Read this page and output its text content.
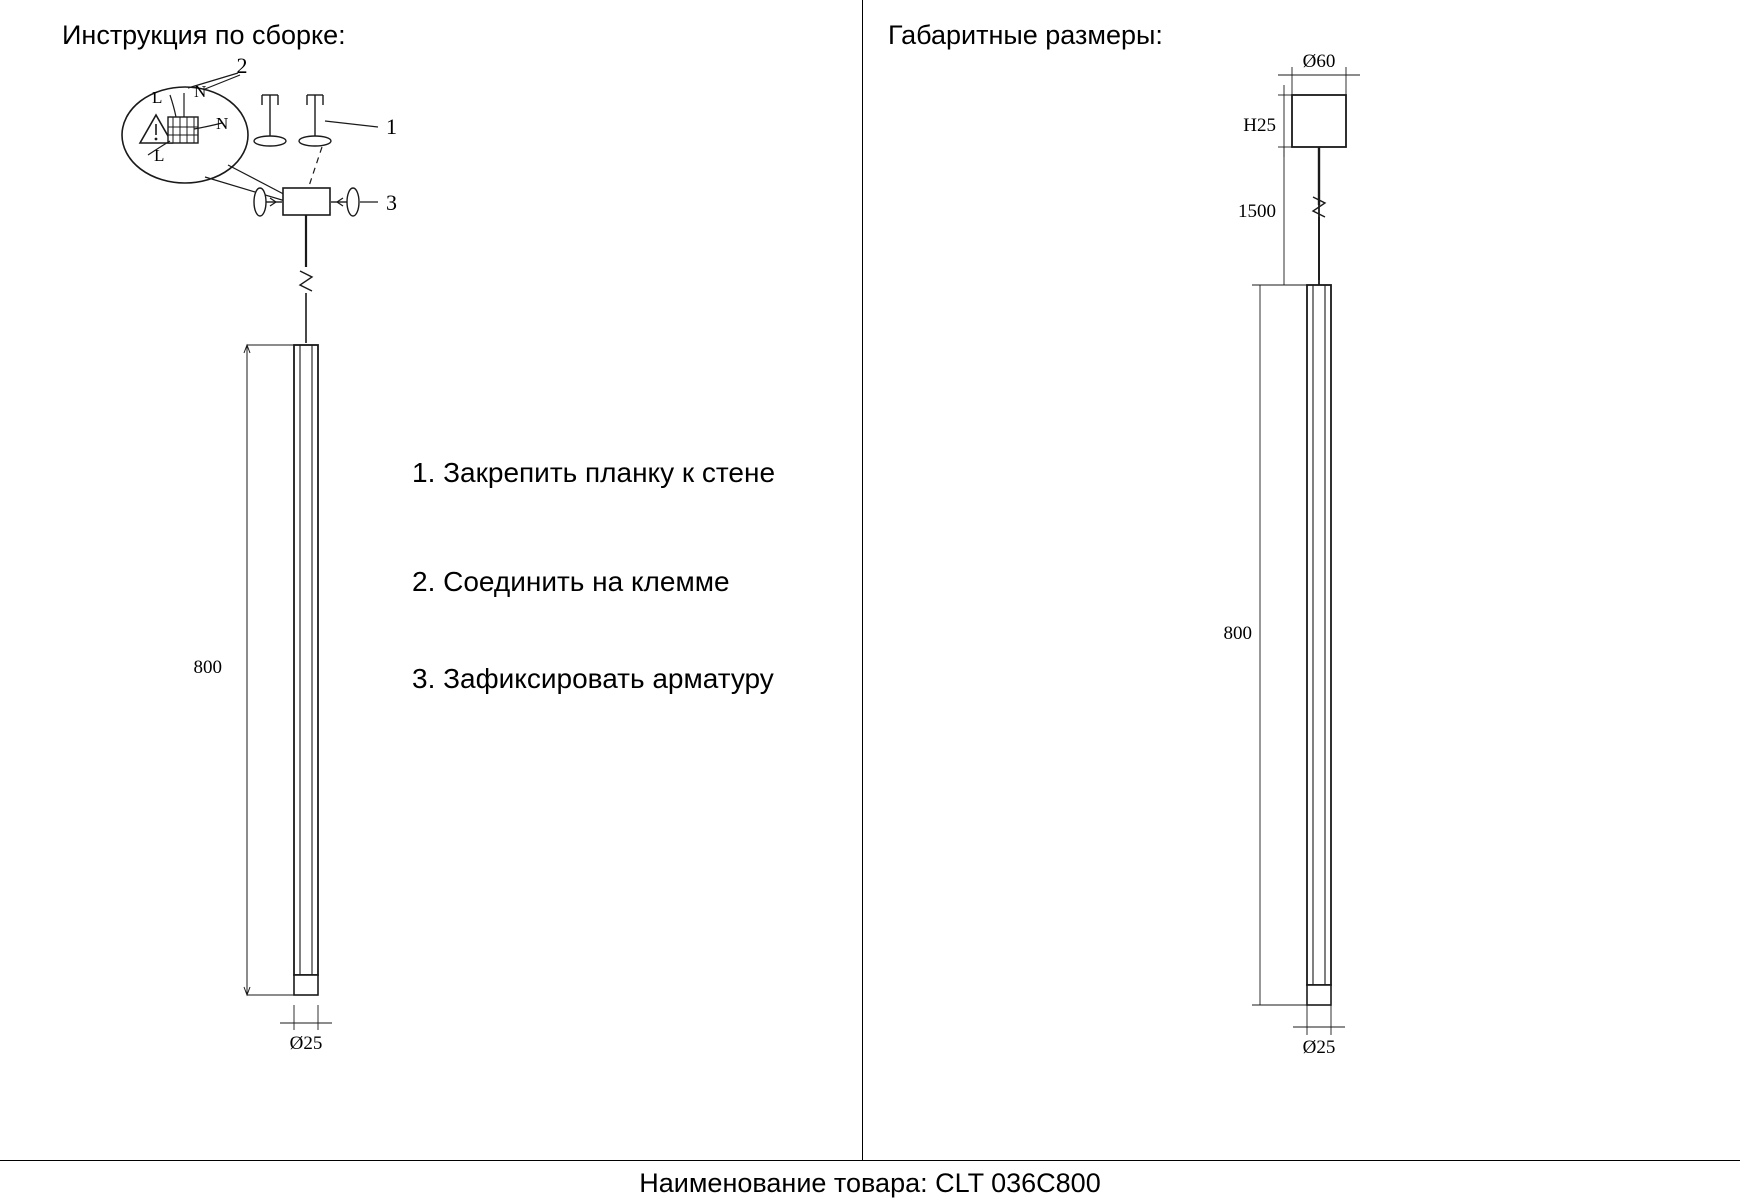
Инструкция по сборке:	Габаритные размеры:
2
1
3
L N
N
L
800
Ø25
1. Закрепить планку к стене
2. Соединить на клемме
3. Зафиксировать арматуру
Ø60
H25
1500
800
Ø25
Наименование товара: CLT 036C800
